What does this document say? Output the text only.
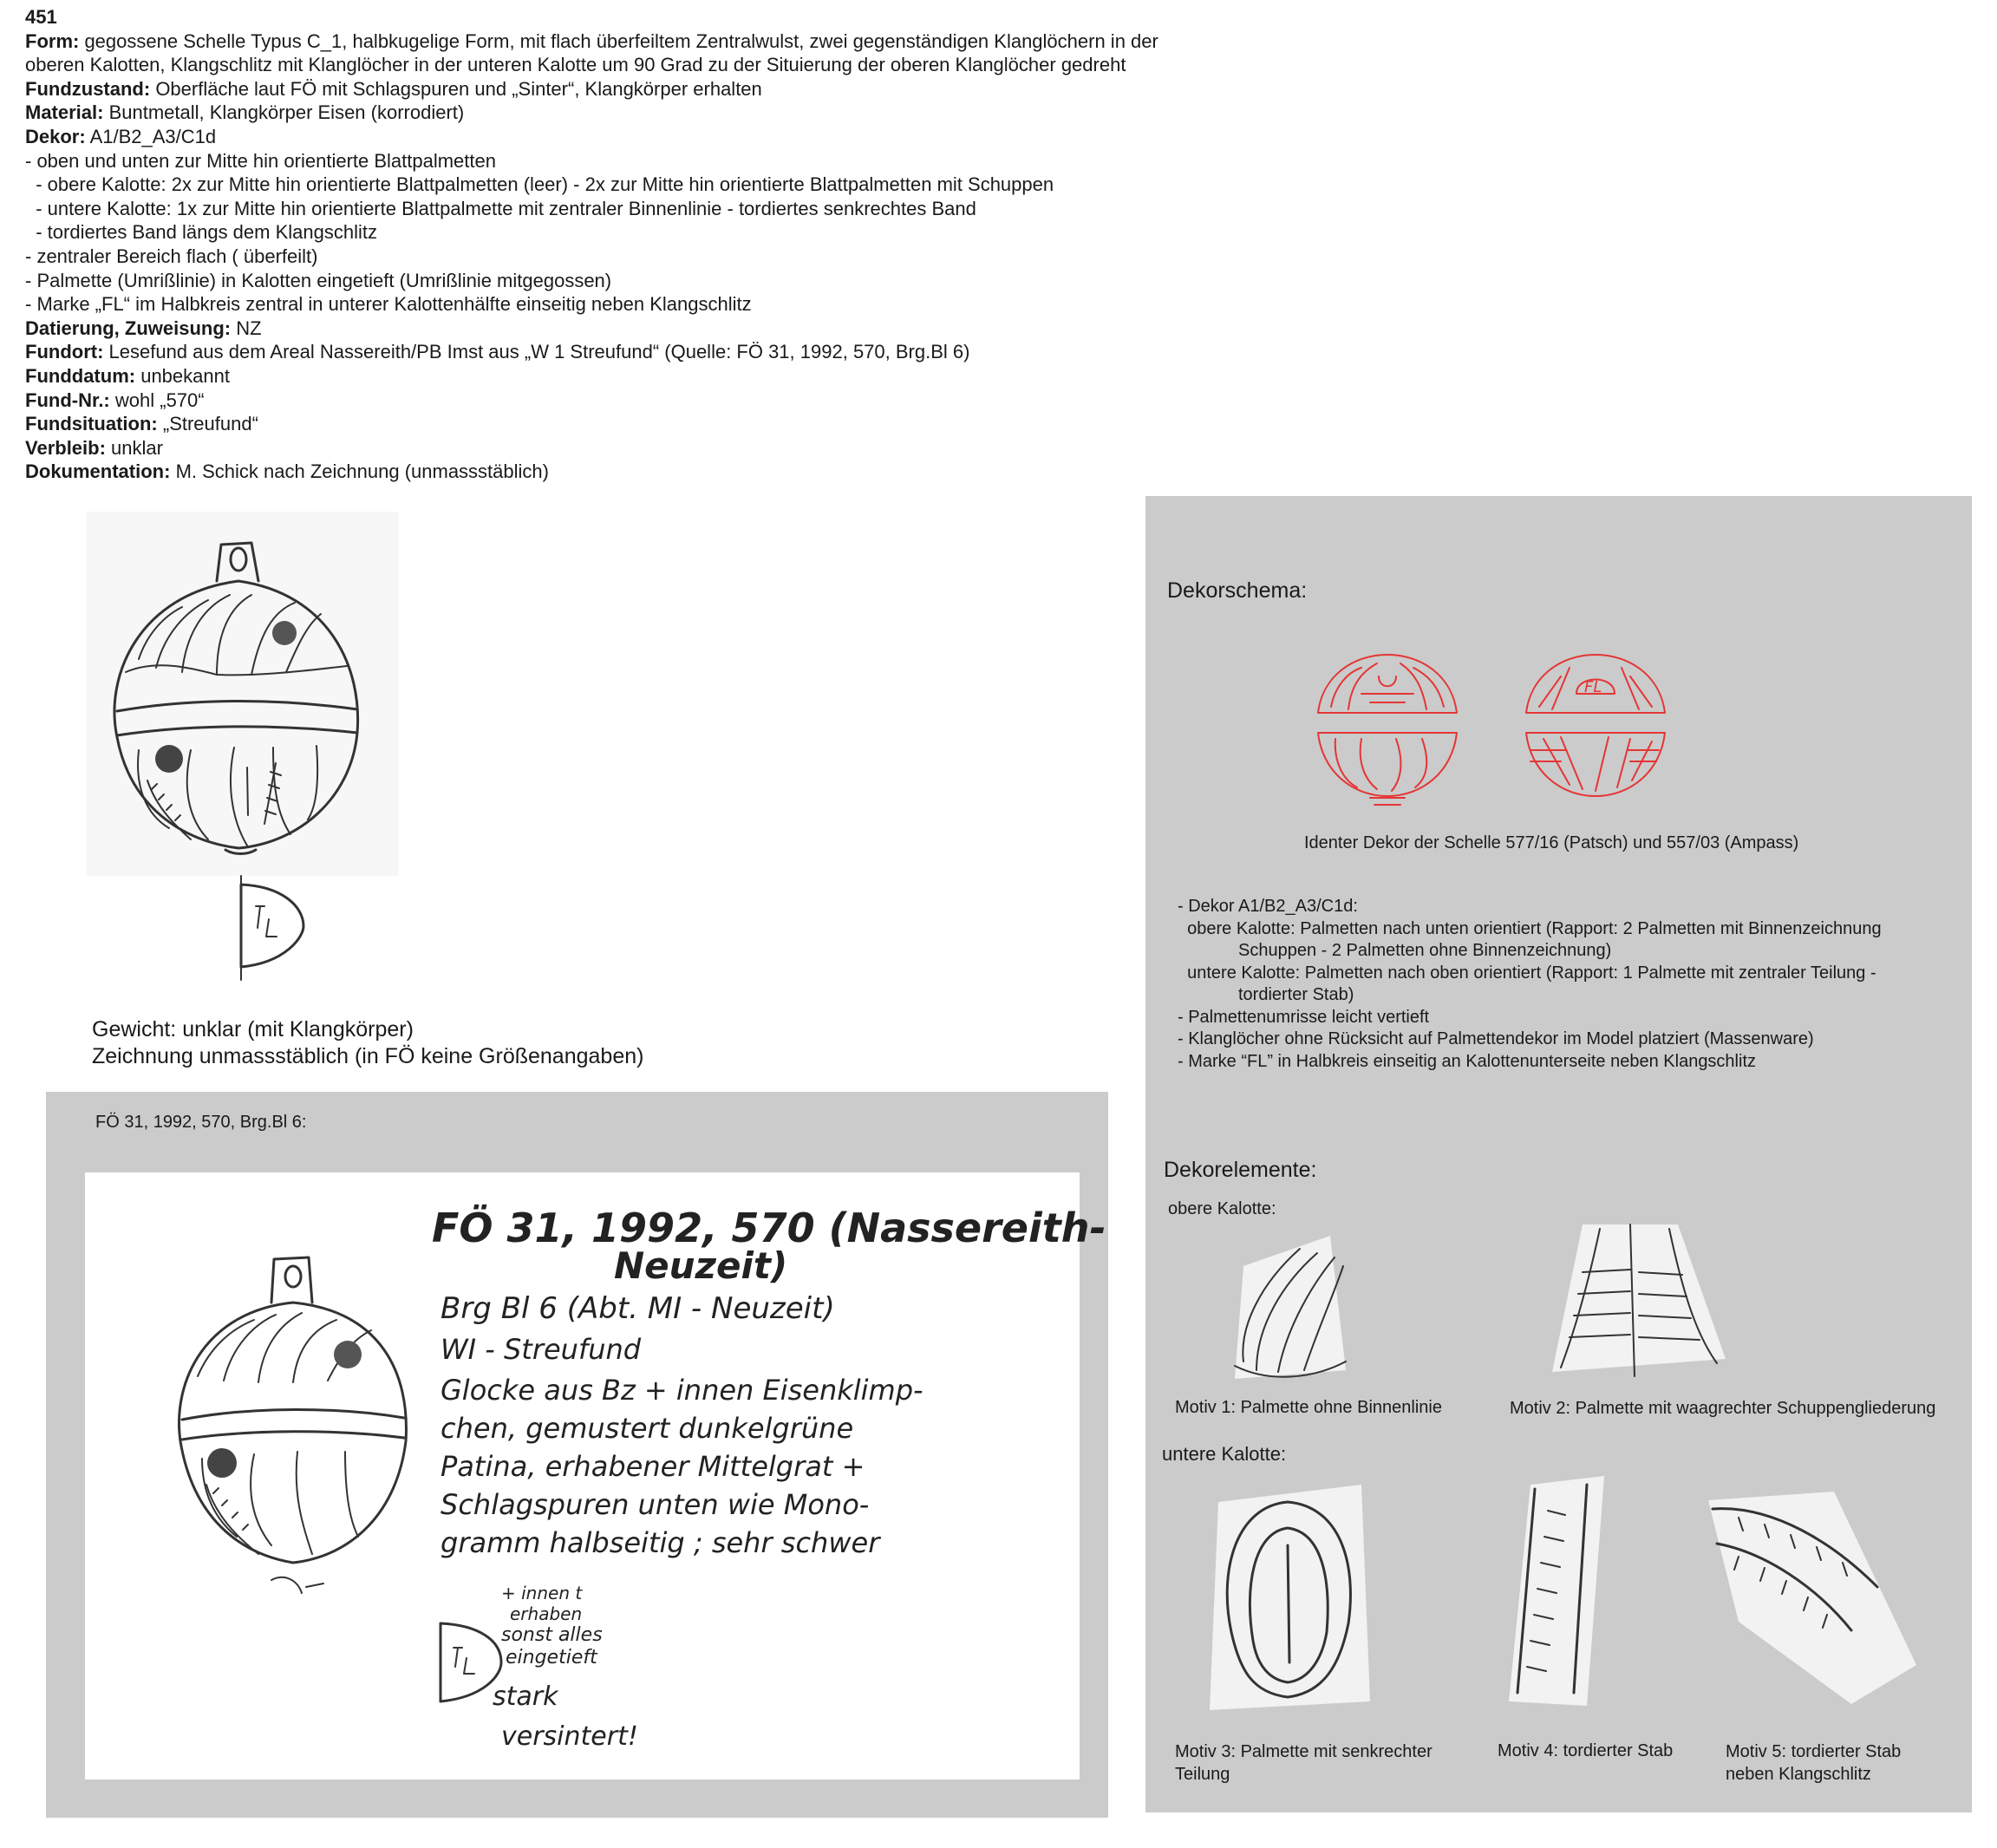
451
Form: gegossene Schelle Typus C_1, halbkugelige Form, mit flach überfeiltem Zentralwulst, zwei gegenständigen Klanglöchern in der
oberen Kalotten, Klangschlitz mit Klanglöcher in der unteren Kalotte um 90 Grad zu der Situierung der oberen Klanglöcher gedreht
Fundzustand: Oberfläche laut FÖ mit Schlagspuren und „Sinter“, Klangkörper erhalten
Material: Buntmetall, Klangkörper Eisen (korrodiert)
Dekor: A1/B2_A3/C1d
- oben und unten zur Mitte hin orientierte Blattpalmetten
- obere Kalotte: 2x zur Mitte hin orientierte Blattpalmetten (leer) - 2x zur Mitte hin orientierte Blattpalmetten mit Schuppen
- untere Kalotte: 1x zur Mitte hin orientierte Blattpalmette mit zentraler Binnenlinie - tordiertes senkrechtes Band
- tordiertes Band längs dem Klangschlitz
- zentraler Bereich flach ( überfeilt)
- Palmette (Umrißlinie) in Kalotten eingetieft (Umrißlinie mitgegossen)
- Marke „FL“ im Halbkreis zentral in unterer Kalottenhälfte einseitig neben Klangschlitz
Datierung, Zuweisung: NZ
Fundort: Lesefund aus dem Areal Nassereith/PB Imst aus „W 1 Streufund“ (Quelle: FÖ 31, 1992, 570, Brg.Bl 6)
Funddatum: unbekannt
Fund-Nr.: wohl „570“
Fundsituation: „Streufund“
Verbleib: unklar
Dokumentation: M. Schick nach Zeichnung (unmassstäblich)
Gewicht: unklar (mit Klangkörper)
Zeichnung unmassstäblich (in FÖ keine Größenangaben)
FÖ 31, 1992, 570, Brg.Bl 6:
FÖ 31, 1992, 570 (Nassereith-
Neuzeit)
Brg Bl 6 (Abt. MI - Neuzeit)
WI - Streufund
Glocke aus Bz + innen Eisenklimp-
chen, gemustert dunkelgrüne
Patina, erhabener Mittelgrat +
Schlagspuren unten wie Mono-
gramm halbseitig ; sehr schwer
+ innen t
erhaben
sonst alles
eingetieft
stark
versintert!
Dekorschema:
FL
Identer Dekor der Schelle 577/16 (Patsch) und 557/03 (Ampass)
- Dekor A1/B2_A3/C1d:
obere Kalotte: Palmetten nach unten orientiert (Rapport: 2 Palmetten mit Binnenzeichnung
Schuppen - 2 Palmetten ohne Binnenzeichnung)
untere Kalotte: Palmetten nach oben orientiert (Rapport: 1 Palmette mit zentraler Teilung -
tordierter Stab)
- Palmettenumrisse leicht vertieft
- Klanglöcher ohne Rücksicht auf Palmettendekor im Model platziert (Massenware)
- Marke “FL” in Halbkreis einseitig an Kalottenunterseite neben Klangschlitz
Dekorelemente:
obere Kalotte:
Motiv 1: Palmette ohne Binnenlinie	Motiv 2: Palmette mit waagrechter Schuppengliederung
untere Kalotte:
Motiv 3: Palmette mit senkrechter
Teilung
Motiv 4: tordierter Stab	Motiv 5: tordierter Stab
neben Klangschlitz
